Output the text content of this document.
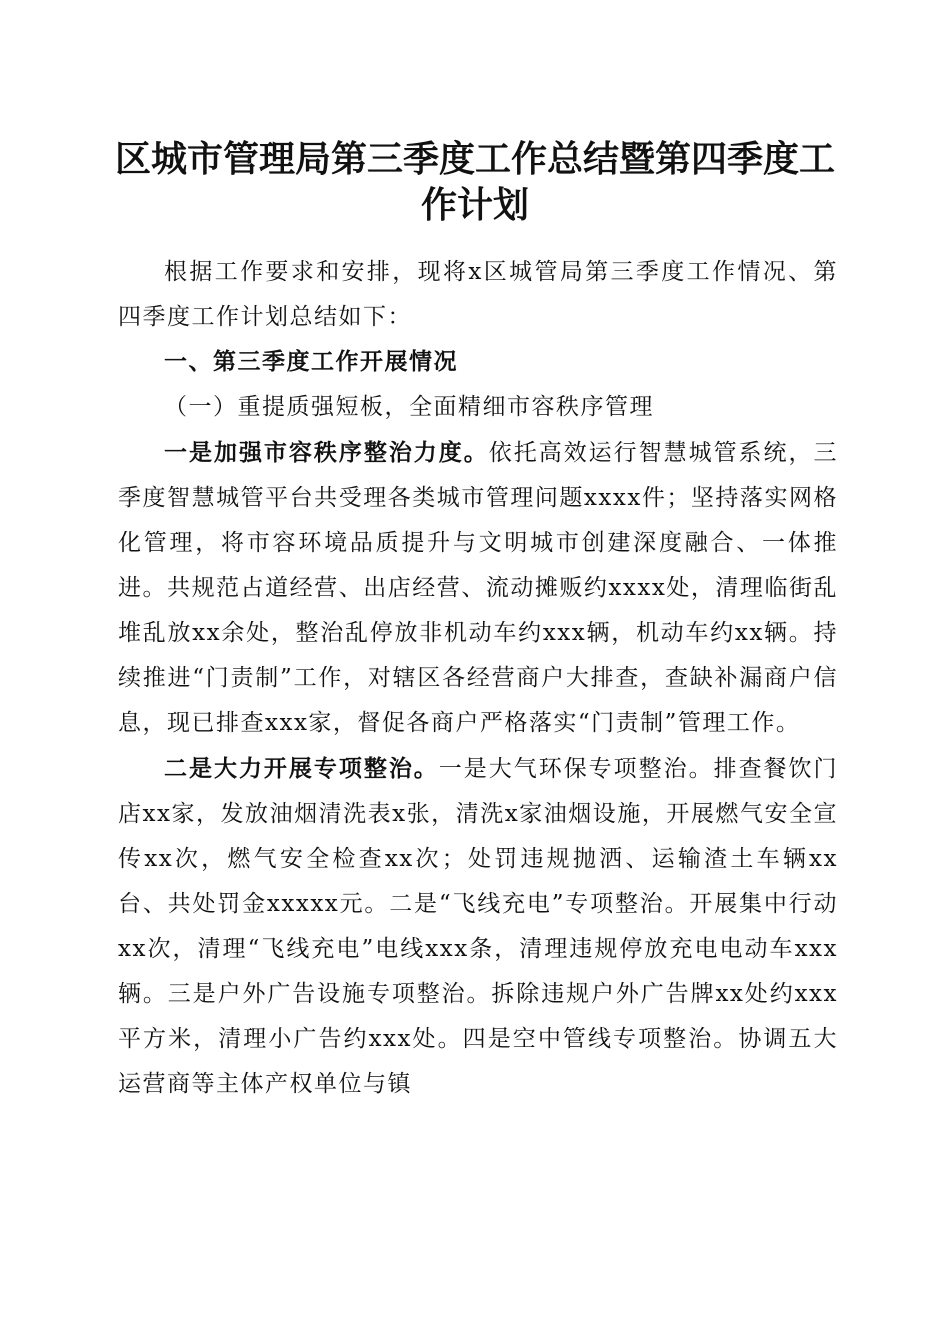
区城市管理局第三季度工作总结暨第四季度工作计划

根据工作要求和安排，现将x区城管局第三季度工作情况、第四季度工作计划总结如下：

一、第三季度工作开展情况
（一）重提质强短板，全面精细市容秩序管理

一是加强市容秩序整治力度。依托高效运行智慧城管系统，三季度智慧城管平台共受理各类城市管理问题xxxx件；坚持落实网格化管理，将市容环境品质提升与文明城市创建深度融合、一体推进。共规范占道经营、出店经营、流动摊贩约xxxx处，清理临街乱堆乱放xx余处，整治乱停放非机动车约xxx辆，机动车约xx辆。持续推进“门责制”工作，对辖区各经营商户大排查，查缺补漏商户信息，现已排查xxx家，督促各商户严格落实“门责制”管理工作。

二是大力开展专项整治。一是大气环保专项整治。排查餐饮门店xx家，发放油烟清洗表x张，清洗x家油烟设施，开展燃气安全宣传xx次，燃气安全检查xx次；处罚违规抛洒、运输渣土车辆xx台、共处罚金xxxxx元。二是“飞线充电”专项整治。开展集中行动xx次，清理“飞线充电”电线xxx条，清理违规停放充电电动车xxx辆。三是户外广告设施专项整治。拆除违规户外广告牌xx处约xxx平方米，清理小广告约xxx处。四是空中管线专项整治。协调五大运营商等主体产权单位与镇
